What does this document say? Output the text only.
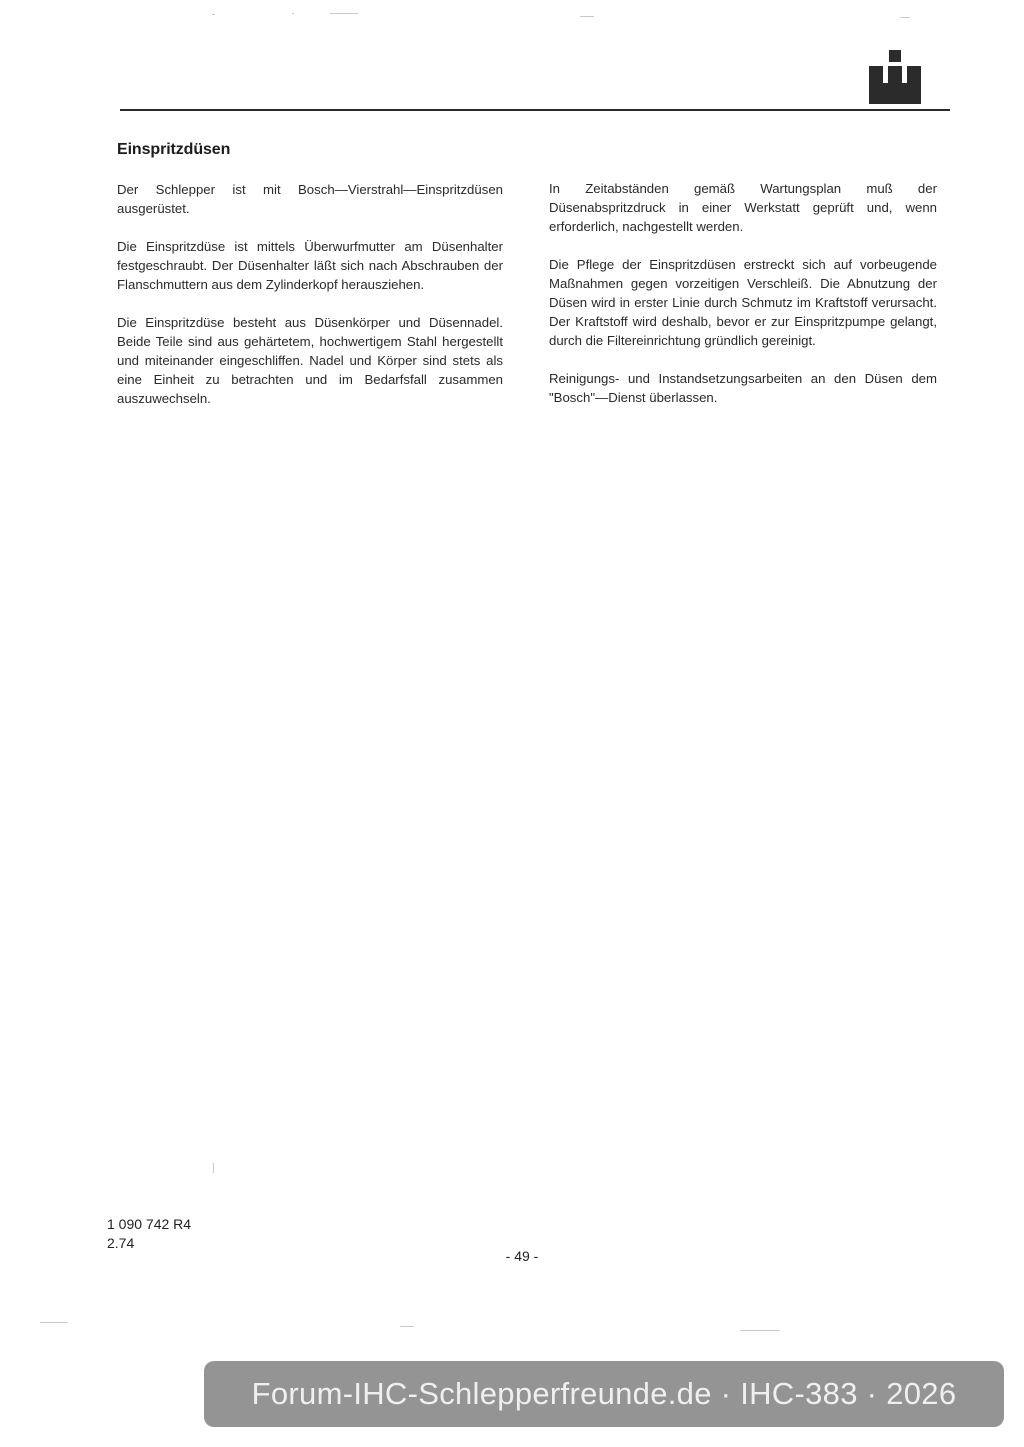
Einspritzdüsen

Der Schlepper ist mit Bosch—Vierstrahl—Einspritzdüsen ausgerüstet.

Die Einspritzdüse ist mittels Überwurfmutter am Düsenhalter festgeschraubt. Der Düsenhalter läßt sich nach Abschrauben der Flanschmuttern aus dem Zylinderkopf herausziehen.

Die Einspritzdüse besteht aus Düsenkörper und Düsennadel. Beide Teile sind aus gehärtetem, hochwertigem Stahl hergestellt und miteinander eingeschliffen. Nadel und Körper sind stets als eine Einheit zu betrachten und im Bedarfsfall zusammen auszuwechseln.

In Zeitabständen gemäß Wartungsplan muß der Düsenabspritzdruck in einer Werkstatt geprüft und, wenn erforderlich, nachgestellt werden.

Die Pflege der Einspritzdüsen erstreckt sich auf vorbeugende Maßnahmen gegen vorzeitigen Verschleiß. Die Abnutzung der Düsen wird in erster Linie durch Schmutz im Kraftstoff verursacht. Der Kraftstoff wird deshalb, bevor er zur Einspritzpumpe gelangt, durch die Filtereinrichtung gründlich gereinigt.

Reinigungs- und Instandsetzungsarbeiten an den Düsen dem "Bosch"—Dienst überlassen.

1 090 742 R4
2.74
- 49 -
Forum-IHC-Schlepperfreunde.de · IHC-383 · 2026
